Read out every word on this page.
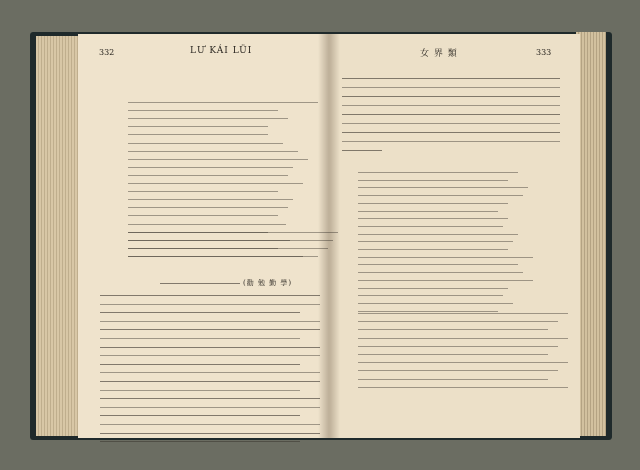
332	LƯ KÁI LÜI	女 界 類	333
(勸 勉 勤 學)
